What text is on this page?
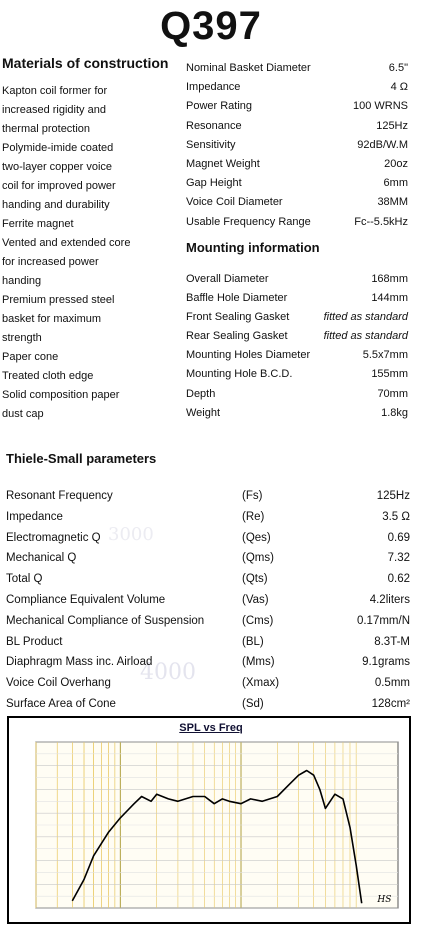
Q397
Materials of construction
Kapton coil former for
increased rigidity and
thermal protection
Polymide-imide coated
two-layer copper voice
coil for improved power
handing and durability
Ferrite magnet
Vented and extended core
for increased power
handing
Premium pressed steel
basket for maximum
strength
Paper cone
Treated cloth edge
Solid composition paper
dust cap
Nominal Basket Diameter	6.5"
Impedance	4 Ω
Power Rating	100 WRNS
Resonance	125Hz
Sensitivity	92dB/W.M
Magnet Weight	20oz
Gap Height	6mm
Voice Coil Diameter	38MM
Usable Frequency Range	Fc--5.5kHz
Mounting information
Overall Diameter	168mm
Baffle Hole Diameter	144mm
Front Sealing Gasket	fitted as standard
Rear Sealing Gasket	fitted as standard
Mounting Holes Diameter	5.5x7mm
Mounting Hole B.C.D.	155mm
Depth	70mm
Weight	1.8kg
3000
4000
Thiele-Small parameters
Resonant Frequency	(Fs)	125Hz
Impedance	(Re)	3.5 Ω
Electromagnetic Q	(Qes)	0.69
Mechanical Q	(Qms)	7.32
Total Q	(Qts)	0.62
Compliance Equivalent Volume	(Vas)	4.2liters
Mechanical Compliance of Suspension	(Cms)	0.17mm/N
BL Product	(BL)	8.3T-M
Diaphragm Mass inc. Airload	(Mms)	9.1grams
Voice Coil Overhang	(Xmax)	0.5mm
Surface Area of Cone	(Sd)	128cm²
SPL vs Freq
HS
